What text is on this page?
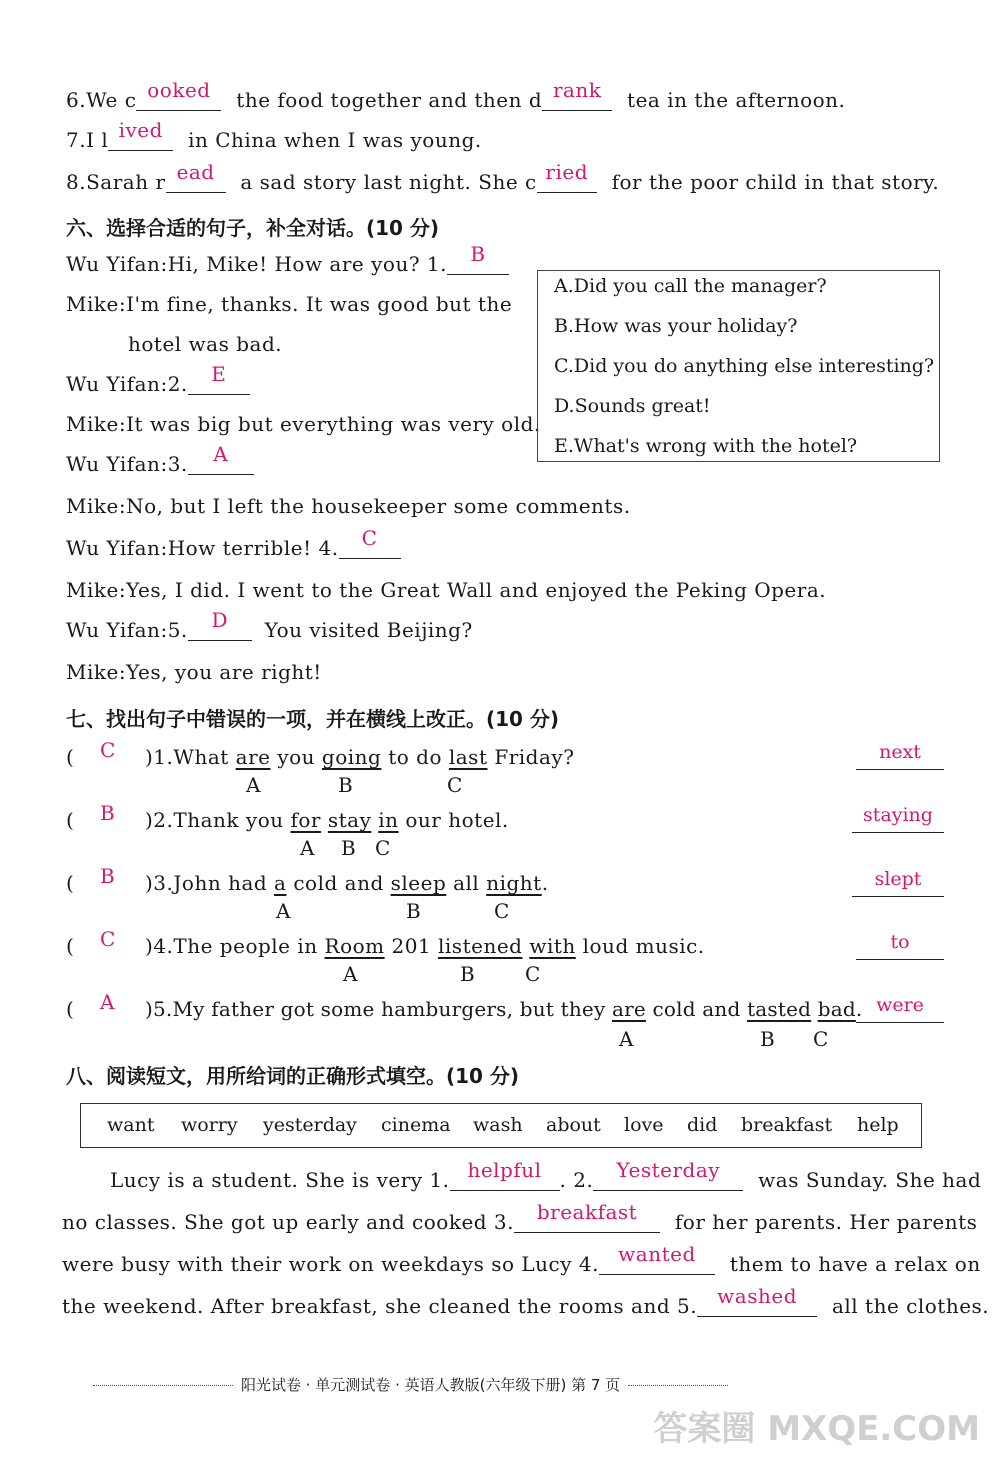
6.We c ooked the food together and then d rank tea in the afternoon.
7.I l ived in China when I was young.
8.Sarah r ead a sad story last night. She c ried for the poor child in that story.
六、选择合适的句子，补全对话。(10 分)
Wu Yifan:Hi, Mike! How are you? 1. B
Mike:I'm fine, thanks. It was good but the
hotel was bad.
Wu Yifan:2. E
Mike:It was big but everything was very old.
Wu Yifan:3. A
Mike:No, but I left the housekeeper some comments.
Wu Yifan:How terrible! 4. C
Mike:Yes, I did. I went to the Great Wall and enjoyed the Peking Opera.
Wu Yifan:5. D You visited Beijing?
Mike:Yes, you are right!
A.Did you call the manager?
B.How was your holiday?
C.Did you do anything else interesting?
D.Sounds great!
E.What's wrong with the hotel?
七、找出句子中错误的一项，并在横线上改正。(10 分)
( C )1.What are you going to do last Friday?
A	B	C
next
( B )2.Thank you for stay in our hotel.
A B C
staying
( B )3.John had a cold and sleep all night.
A	B	C
slept
( C )4.The people in Room 201 listened with loud music.
A	B	C
to
( A )5.My father got some hamburgers, but they are cold and tasted bad.
A	B C
were
八、阅读短文，用所给词的正确形式填空。(10 分)
want worry yesterday cinema wash about love did breakfast help
Lucy is a student. She is very 1. helpful . 2. Yesterday was Sunday. She had
no classes. She got up early and cooked 3. breakfast for her parents. Her parents
were busy with their work on weekdays so Lucy 4. wanted them to have a relax on
the weekend. After breakfast, she cleaned the rooms and 5. washed all the clothes.
阳光试卷 · 单元测试卷 · 英语人教版(六年级下册) 第 7 页
答案圈 MXQE.COM
